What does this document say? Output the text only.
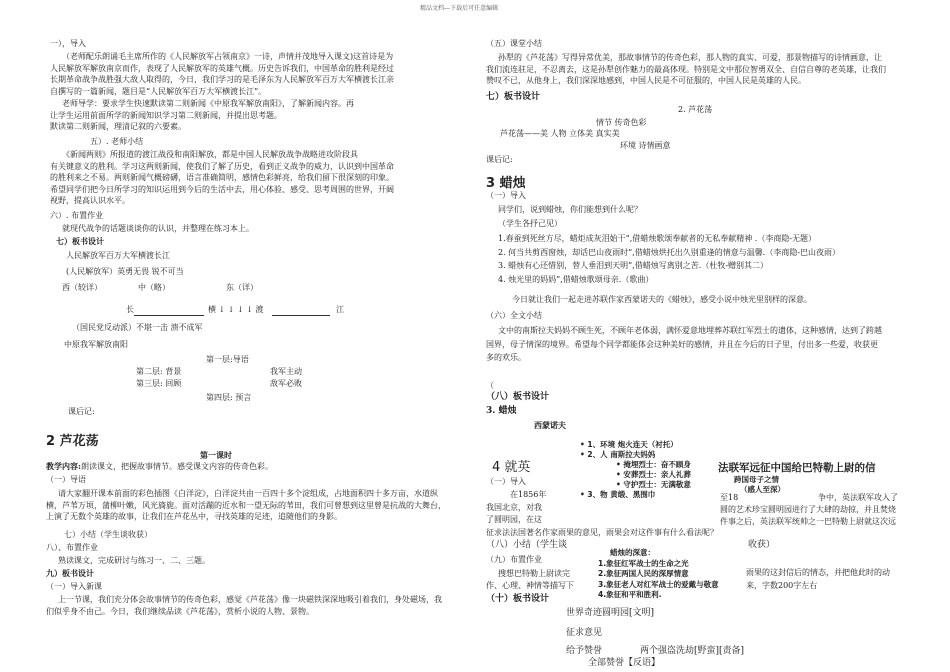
精品文档---下载后可任意编辑
一），导入
（老师配乐朗诵毛主席所作的《人民解放军占领南京》一诗，声情并茂地导入课文)这首诗是为
人民解放军解放南京而作，表现了人民解放军的英雄气概。历史告诉我们，中国革命的胜利是经过
长期革命战争战胜强大敌人取得的，今日，我们学习的是毛泽东为人民解放军百万大军横渡长江亲
自撰写的一篇新闻，题目是“人民解放军百万大军横渡长江”。
老师导学：要求学生快速默读第二则新闻《中原我军解放南阳》，了解新闻内容。再
让学生运用前面所学的新闻知识学习第二则新闻，并提出思考题。
默读第二则新闻，理清记叙的六要素。
五）. 老师小结
《新闻两则》所报道的渡江战役和南阳解放，都是中国人民解放战争战略进攻阶段具
有关键意义的胜利。学习这两则新闻，使我们了解了历史，看到正义战争的威力，认识到中国革命
的胜利来之不易。两则新闻气概磅礴，语言准确简明，感情色彩鲜亮，给我们留下很深刻的印象。
希望同学们把今日所学习的知识运用到今后的生活中去，用心体验、感受、思考周围的世界，开阔
视野，提高认识水平。
六）. 布置作业
就现代战争的话题谈谈你的认识，并整理在练习本上。
七）板书设计
人民解放军百万大军横渡长江
(人民解放军）英勇无畏 锐不可当
西（较详）	中（略）	东（详）
长	横 ↓ ↓ ↓ ↓ 渡	江
（国民党反动派）不堪一击 溃不成军
中原我军解放南阳
第一层:导语
第二层: 背景
第三层: 回顾
第四层: 预言
我军主动
敌军必败
课后记:
2 芦花荡
第一课时
教学内容:朗读课文，把握故事情节。感受课文内容的传奇色彩。
（一）导语
请大家翻开课本前面的彩色插图《白洋淀》，白洋淀共由一百四十多个淀组成，占地面积四十多万亩，水道纵
横，芦苇万顷，蒲柳叶嫩，风光旖旎。面对活蹦的近水和一望无际的苇田，我们可曾想到这里曾是抗战的大舞台，
上演了无数个英雄的故事，让我们在芦花丛中，寻找英雄的足迹，追随他们的身影。
七）小结（学生谈收获）
八）、布置作业
熟读课文，完成研讨与练习一、二、三题。
九）板书设计
（一）导入新课
上一节课，我们充分体会故事情节的传奇色彩，感觉《芦花荡》像一块磁铁深深地吸引着我们，身处磁场，我
们似乎身不由己。今日，我们继续品读《芦花荡》，赏析小说的人物、景物。
（五）课堂小结
孙犁的《芦花荡》写得异常优美，那故事情节的传奇色彩，那人物的真实、可爱，那景物描写的诗情画意，让
我们流连驻足，不忍离去，这是孙犁创作魅力的最高体现。特别是文中那位智勇双全、自信自尊的老英雄，让我们
赞叹不已，从他身上，我们深深地感到，中国人民是不可征服的，中国人民是英雄的人民。
七）板书设计
2. 芦花荡
情节 传奇色彩
芦花荡——美 人物 立体美 真实美
环境 诗情画意
课后记:
3 蜡烛
（一）导入
同学们，说到蜡烛，你们能想到什么呢？
（学生各抒己见）
1.春蚕到死丝方尽，蜡炬成灰泪始干”,借蜡烛歌颂奉献者的无私奉献精神 .（李商隐-无题）
2. 何当共剪西窗烛，却话巴山夜雨时”,借蜡烛烘托出久别重逢的情意与温馨.（李商隐-巴山夜雨）
3. 蜡烛有心还惜别，替人垂泪到天明”,借蜡烛写离别之苦.（杜牧-赠别其二）
4. 烛光里的妈妈”,借蜡烛歌颂母亲.（歌曲）
今日就让我们一起走进苏联作家西蒙诺夫的《蜡烛》，感受小说中烛光里别样的深意。
（六）全文小结
文中的南斯拉夫妈妈不顾生死，不顾年老体弱，满怀爱意地埋葬苏联红军烈士的遗体，这种感情，达到了跨越
国界，母子情深的境界。希望每个同学都能体会这种美好的感情，并且在今后的日子里，付出多一些爱，收获更
多的欢乐。
（
（八）板书设计
3. 蜡烛
西蒙诺夫
• 1、环境 炮火连天（衬托）
• 2、人 南斯拉夫妈妈
• 掩埋烈士：奋不顾身
• 安葬烈士：亲人礼葬
• 守护烈士：无满敬意
• 3、物 黄缎、黑围巾
4 就英
（一）导入
在1856年
我国北京，对我
了圆明园，在这
征求法法国著名作家雨果的意见，雨果会对这件事有什么看法呢？
（八）小结（学生谈	收获）
（九）布置作业
搜想巴特勒上尉读完
作、心理、神情等描写下
（十）板书设计
蜡烛的深意：
1.象征红军战士的生命之光
2.象征两国人民的深厚情意
3.象征老人对红军战士的爱戴与敬意
4.象征和平和胜利.
法联军远征中国给巴特勒上尉的信
跨国母子之情
（感人至深）
至18	争中，英法联军攻入了
圆的艺术珍宝圆明园进行了大肆的劫掠，并且焚烧
件事之后，英法联军统帅之一巴特勒上尉就这次远
雨果的这封信后的情态，并把他此时的动
来，字数200字左右
世界奇迹圆明园[文明]
征求意见
给予赞誉	两个强盗洗劫[野蛮][责备]
全部赞誉【反语】
